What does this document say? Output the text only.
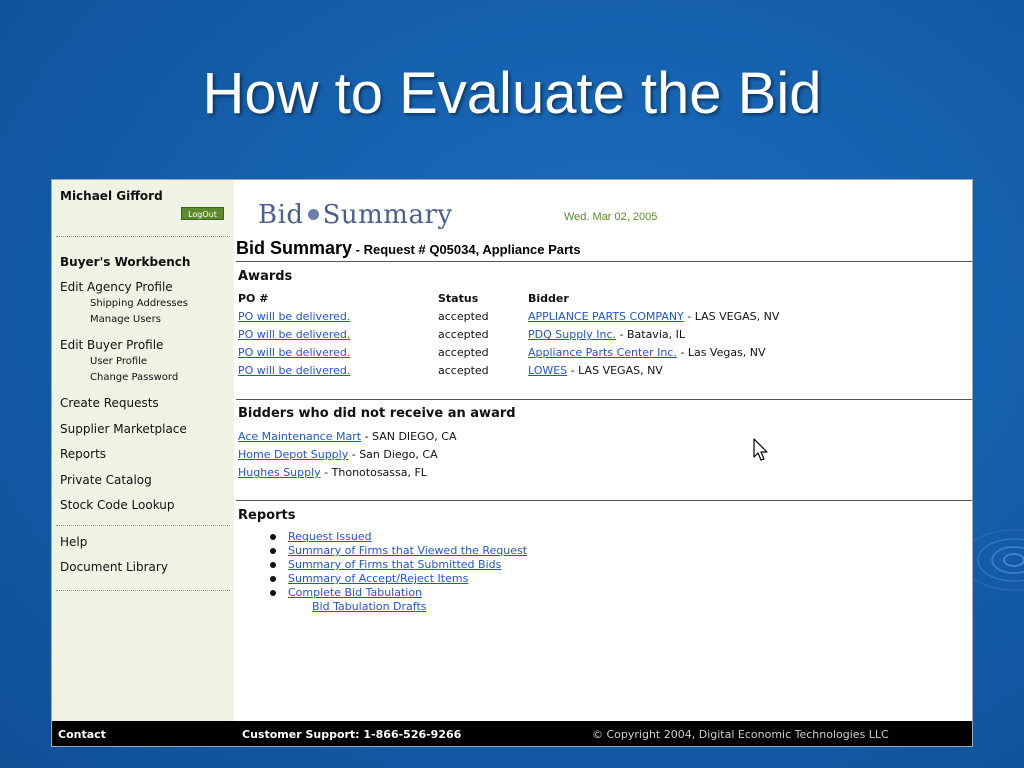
How to Evaluate the Bid
Michael Gifford
LogOut
Buyer's Workbench
Edit Agency Profile
Shipping Addresses
Manage Users
Edit Buyer Profile
User Profile
Change Password
Create Requests
Supplier Marketplace
Reports
Private Catalog
Stock Code Lookup
Help
Document Library
Bid Summary	Wed. Mar 02, 2005
Bid Summary - Request # Q05034, Appliance Parts
Awards
PO #	Status	Bidder
PO will be delivered.	accepted	APPLIANCE PARTS COMPANY - LAS VEGAS, NV
PO will be delivered.	accepted	PDQ Supply Inc. - Batavia, IL
PO will be delivered.	accepted	Appliance Parts Center Inc. - Las Vegas, NV
PO will be delivered.	accepted	LOWES - LAS VEGAS, NV
Bidders who did not receive an award
Ace Maintenance Mart - SAN DIEGO, CA
Home Depot Supply - San Diego, CA
Hughes Supply - Thonotosassa, FL
Reports
Request Issued
Summary of Firms that Viewed the Request
Summary of Firms that Submitted Bids
Summary of Accept/Reject Items
Complete Bid Tabulation
Bid Tabulation Drafts
Contact	Customer Support: 1-866-526-9266	© Copyright 2004, Digital Economic Technologies LLC
